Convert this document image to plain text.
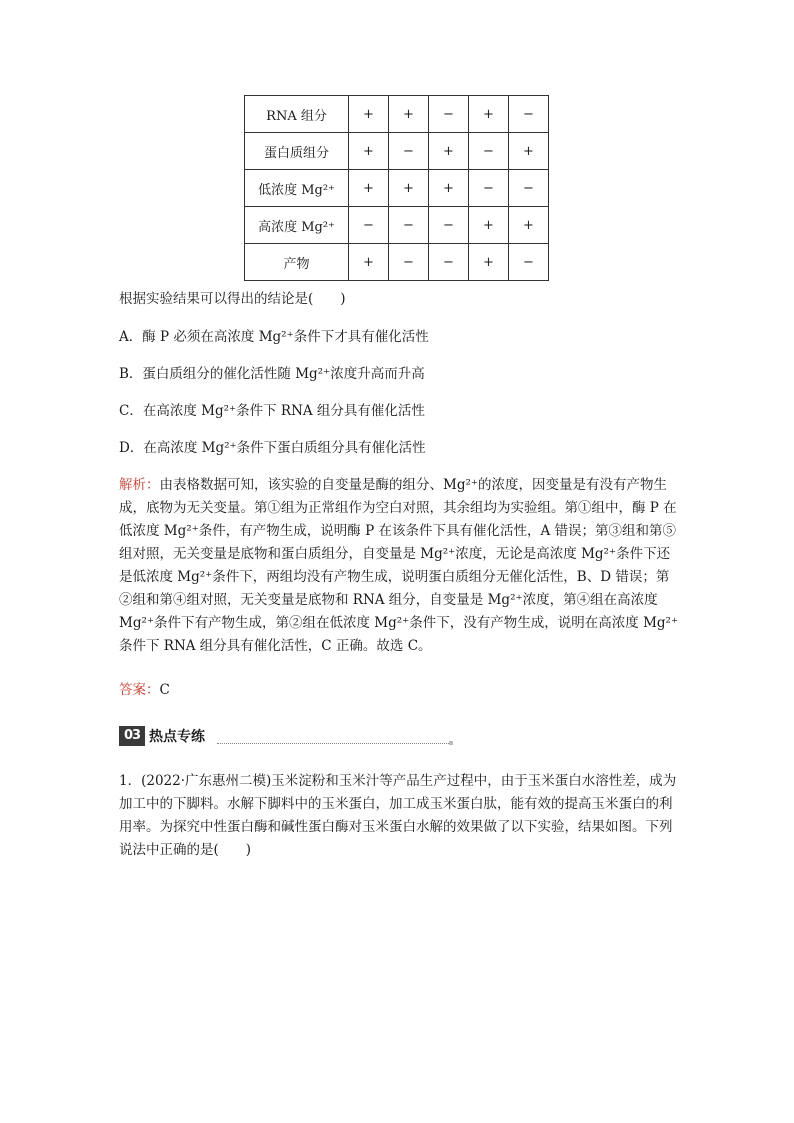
RNA 组分	+	+	−	+	−
蛋白质组分	+	−	+	−	+
低浓度 Mg²⁺	+	+	+	−	−
高浓度 Mg²⁺	−	−	−	+	+
产物	+	−	−	+	−
根据实验结果可以得出的结论是(　　)
A．酶 P 必须在高浓度 Mg²⁺条件下才具有催化活性
B．蛋白质组分的催化活性随 Mg²⁺浓度升高而升高
C．在高浓度 Mg²⁺条件下 RNA 组分具有催化活性
D．在高浓度 Mg²⁺条件下蛋白质组分具有催化活性
解析：由表格数据可知，该实验的自变量是酶的组分、Mg²⁺的浓度，因变量是有没有产物生成，底物为无关变量。第①组为正常组作为空白对照，其余组均为实验组。第①组中，酶 P 在低浓度 Mg²⁺条件，有产物生成，说明酶 P 在该条件下具有催化活性，A 错误；第③组和第⑤组对照，无关变量是底物和蛋白质组分，自变量是 Mg²⁺浓度，无论是高浓度 Mg²⁺条件下还是低浓度 Mg²⁺条件下，两组均没有产物生成，说明蛋白质组分无催化活性，B、D 错误；第②组和第④组对照，无关变量是底物和 RNA 组分，自变量是 Mg²⁺浓度，第④组在高浓度 Mg²⁺条件下有产物生成，第②组在低浓度 Mg²⁺条件下，没有产物生成，说明在高浓度 Mg²⁺条件下 RNA 组分具有催化活性，C 正确。故选 C。
答案：C
03 热点专练
1．(2022·广东惠州二模)玉米淀粉和玉米汁等产品生产过程中，由于玉米蛋白水溶性差，成为加工中的下脚料。水解下脚料中的玉米蛋白，加工成玉米蛋白肽，能有效的提高玉米蛋白的利用率。为探究中性蛋白酶和碱性蛋白酶对玉米蛋白水解的效果做了以下实验，结果如图。下列说法中正确的是(　　)
